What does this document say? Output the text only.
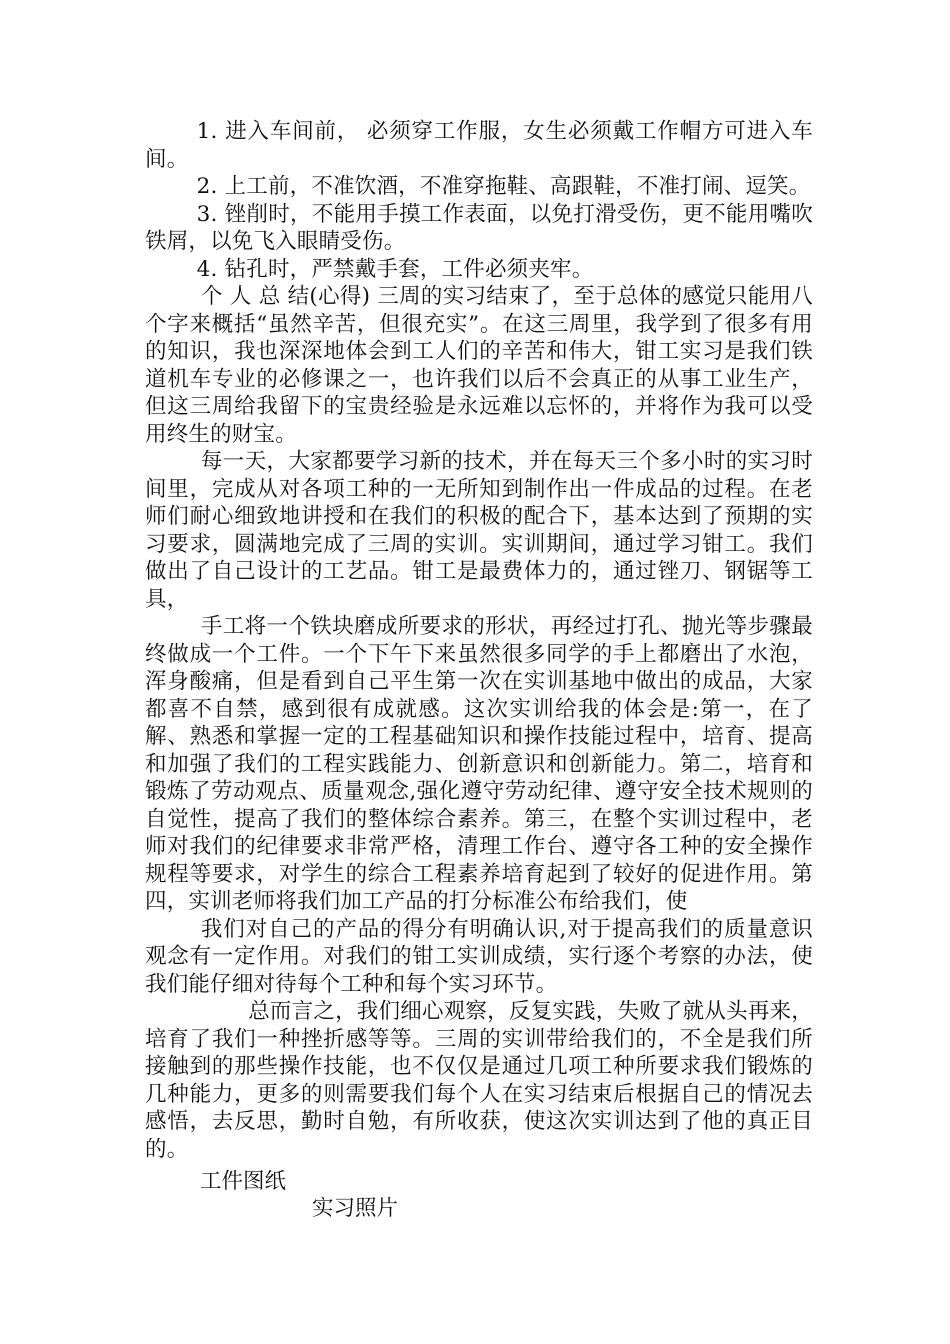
1. 进入车间前， 必须穿工作服，女生必须戴工作帽方可进入车间。

2. 上工前，不准饮酒，不准穿拖鞋、高跟鞋，不准打闹、逗笑。

3. 锉削时，不能用手摸工作表面，以免打滑受伤，更不能用嘴吹铁屑，以免飞入眼睛受伤。

4. 钻孔时，严禁戴手套，工件必须夹牢。

个 人 总 结(心得) 三周的实习结束了，至于总体的感觉只能用八个字来概括“虽然辛苦，但很充实”。在这三周里，我学到了很多有用的知识，我也深深地体会到工人们的辛苦和伟大，钳工实习是我们铁道机车专业的必修课之一，也许我们以后不会真正的从事工业生产，但这三周给我留下的宝贵经验是永远难以忘怀的，并将作为我可以受用终生的财宝。

每一天，大家都要学习新的技术，并在每天三个多小时的实习时间里，完成从对各项工种的一无所知到制作出一件成品的过程。在老师们耐心细致地讲授和在我们的积极的配合下，基本达到了预期的实习要求，圆满地完成了三周的实训。实训期间，通过学习钳工。我们做出了自己设计的工艺品。钳工是最费体力的，通过锉刀、钢锯等工具，

手工将一个铁块磨成所要求的形状，再经过打孔、抛光等步骤最终做成一个工件。一个下午下来虽然很多同学的手上都磨出了水泡，浑身酸痛，但是看到自己平生第一次在实训基地中做出的成品，大家都喜不自禁，感到很有成就感。这次实训给我的体会是:第一，在了解、熟悉和掌握一定的工程基础知识和操作技能过程中，培育、提高和加强了我们的工程实践能力、创新意识和创新能力。第二，培育和锻炼了劳动观点、质量观念,强化遵守劳动纪律、遵守安全技术规则的自觉性，提高了我们的整体综合素养。第三，在整个实训过程中，老师对我们的纪律要求非常严格，清理工作台、遵守各工种的安全操作规程等要求，对学生的综合工程素养培育起到了较好的促进作用。第四，实训老师将我们加工产品的打分标准公布给我们，使

我们对自己的产品的得分有明确认识,对于提高我们的质量意识观念有一定作用。对我们的钳工实训成绩，实行逐个考察的办法，使我们能仔细对待每个工种和每个实习环节。

总而言之，我们细心观察，反复实践，失败了就从头再来，培育了我们一种挫折感等等。三周的实训带给我们的，不全是我们所接触到的那些操作技能，也不仅仅是通过几项工种所要求我们锻炼的几种能力，更多的则需要我们每个人在实习结束后根据自己的情况去感悟，去反思，勤时自勉，有所收获，使这次实训达到了他的真正目的。

工件图纸
实习照片
